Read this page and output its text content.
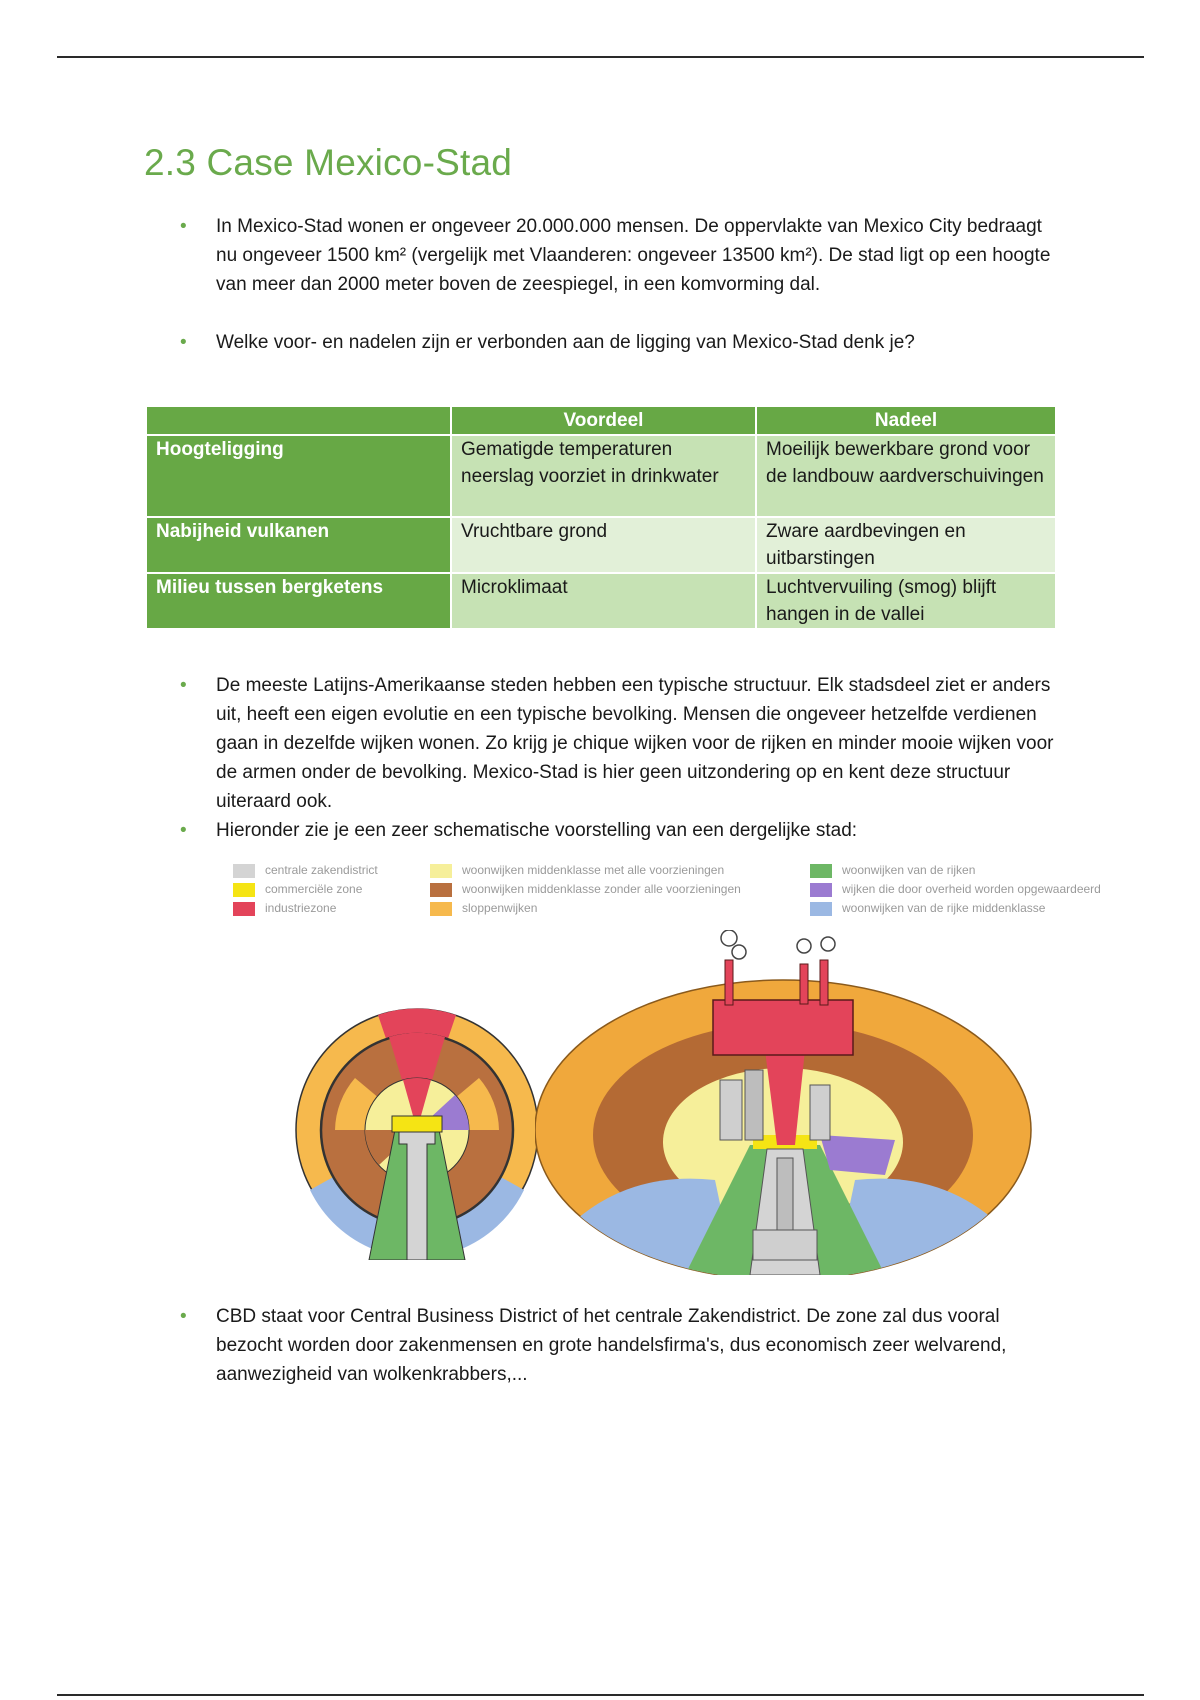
2.3 Case Mexico-Stad
• In Mexico-Stad wonen er ongeveer 20.000.000 mensen. De oppervlakte van Mexico City bedraagt nu ongeveer 1500 km² (vergelijk met Vlaanderen: ongeveer 13500 km²). De stad ligt op een hoogte van meer dan 2000 meter boven de zeespiegel, in een komvorming dal.
• Welke voor- en nadelen zijn er verbonden aan de ligging van Mexico-Stad denk je?
	Voordeel	Nadeel
Hoogteligging	Gematigde temperaturen neerslag voorziet in drinkwater	Moeilijk bewerkbare grond voor de landbouw aardverschuivingen
Nabijheid vulkanen	Vruchtbare grond	Zware aardbevingen en uitbarstingen
Milieu tussen bergketens	Microklimaat	Luchtvervuiling (smog) blijft hangen in de vallei
• De meeste Latijns-Amerikaanse steden hebben een typische structuur. Elk stadsdeel ziet er anders uit, heeft een eigen evolutie en een typische bevolking. Mensen die ongeveer hetzelfde verdienen gaan in dezelfde wijken wonen. Zo krijg je chique wijken voor de rijken en minder mooie wijken voor de armen onder de bevolking. Mexico-Stad is hier geen uitzondering op en kent deze structuur uiteraard ook.
• Hieronder zie je een zeer schematische voorstelling van een dergelijke stad:
centrale zakendistrict
commerciële zone
industriezone
woonwijken middenklasse met alle voorzieningen
woonwijken middenklasse zonder alle voorzieningen
sloppenwijken
woonwijken van de rijken
wijken die door overheid worden opgewaardeerd
woonwijken van de rijke middenklasse
• CBD staat voor Central Business District of het centrale Zakendistrict. De zone zal dus vooral bezocht worden door zakenmensen en grote handelsfirma's, dus economisch zeer welvarend, aanwezigheid van wolkenkrabbers,...
